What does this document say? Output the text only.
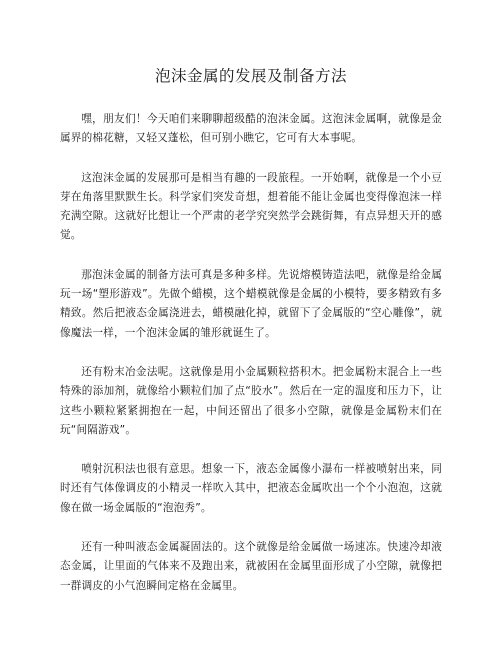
泡沫金属的发展及制备方法

嘿，朋友们！今天咱们来聊聊超级酷的泡沫金属。这泡沫金属啊，就像是金属界的棉花糖，又轻又蓬松，但可别小瞧它，它可有大本事呢。

这泡沫金属的发展那可是相当有趣的一段旅程。一开始啊，就像是一个小豆芽在角落里默默生长。科学家们突发奇想，想着能不能让金属也变得像泡沫一样充满空隙。这就好比想让一个严肃的老学究突然学会跳街舞，有点异想天开的感觉。

那泡沫金属的制备方法可真是多种多样。先说熔模铸造法吧，就像是给金属玩一场“塑形游戏”。先做个蜡模，这个蜡模就像是金属的小模特，要多精致有多精致。然后把液态金属浇进去，蜡模融化掉，就留下了金属版的“空心雕像”，就像魔法一样，一个泡沫金属的雏形就诞生了。

还有粉末冶金法呢。这就像是用小金属颗粒搭积木。把金属粉末混合上一些特殊的添加剂，就像给小颗粒们加了点“胶水”。然后在一定的温度和压力下，让这些小颗粒紧紧拥抱在一起，中间还留出了很多小空隙，就像是金属粉末们在玩“间隔游戏”。

喷射沉积法也很有意思。想象一下，液态金属像小瀑布一样被喷射出来，同时还有气体像调皮的小精灵一样吹入其中，把液态金属吹出一个个小泡泡，这就像在做一场金属版的“泡泡秀”。

还有一种叫液态金属凝固法的。这个就像是给金属做一场速冻。快速冷却液态金属，让里面的气体来不及跑出来，就被困在金属里面形成了小空隙，就像把一群调皮的小气泡瞬间定格在金属里。
